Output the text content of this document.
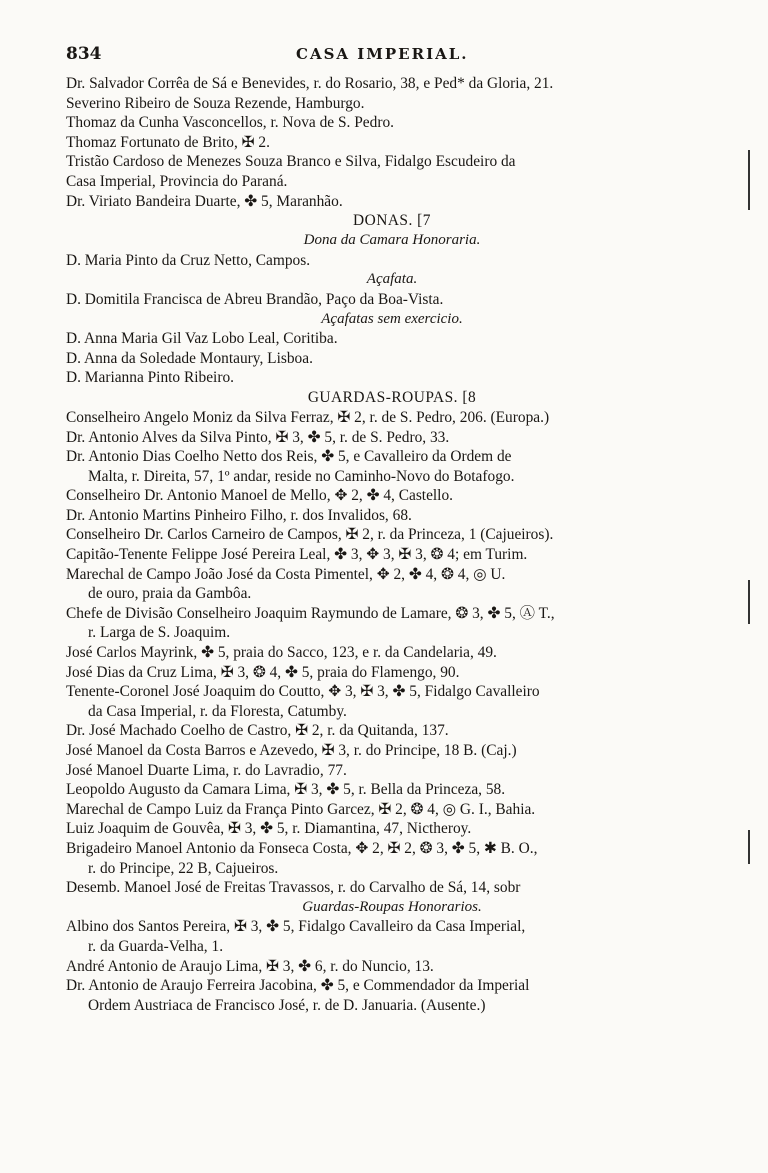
834	CASA IMPERIAL.
Dr. Salvador Corrêa de Sá e Benevides, r. do Rosario, 38, e Ped* da Gloria, 21.
Severino Ribeiro de Souza Rezende, Hamburgo.
Thomaz da Cunha Vasconcellos, r. Nova de S. Pedro.
Thomaz Fortunato de Brito, ✠ 2.
Tristão Cardoso de Menezes Souza Branco e Silva, Fidalgo Escudeiro da
Casa Imperial, Provincia do Paraná.
Dr. Viriato Bandeira Duarte, ✤ 5, Maranhão.
DONAS. [7
Dona da Camara Honoraria.
D. Maria Pinto da Cruz Netto, Campos.
Açafata.
D. Domitila Francisca de Abreu Brandão, Paço da Boa-Vista.
Açafatas sem exercicio.
D. Anna Maria Gil Vaz Lobo Leal, Coritiba.
D. Anna da Soledade Montaury, Lisboa.
D. Marianna Pinto Ribeiro.
GUARDAS-ROUPAS. [8
Conselheiro Angelo Moniz da Silva Ferraz, ✠ 2, r. de S. Pedro, 206. (Europa.)
Dr. Antonio Alves da Silva Pinto, ✠ 3, ✤ 5, r. de S. Pedro, 33.
Dr. Antonio Dias Coelho Netto dos Reis, ✤ 5, e Cavalleiro da Ordem de
Malta, r. Direita, 57, 1º andar, reside no Caminho-Novo do Botafogo.
Conselheiro Dr. Antonio Manoel de Mello, ✥ 2, ✤ 4, Castello.
Dr. Antonio Martins Pinheiro Filho, r. dos Invalidos, 68.
Conselheiro Dr. Carlos Carneiro de Campos, ✠ 2, r. da Princeza, 1 (Cajueiros).
Capitão-Tenente Felippe José Pereira Leal, ✤ 3, ✥ 3, ✠ 3, ❂ 4; em Turim.
Marechal de Campo João José da Costa Pimentel, ✥ 2, ✤ 4, ❂ 4, ◎ U.
de ouro, praia da Gambôa.
Chefe de Divisão Conselheiro Joaquim Raymundo de Lamare, ❂ 3, ✤ 5, Ⓐ T.,
r. Larga de S. Joaquim.
José Carlos Mayrink, ✤ 5, praia do Sacco, 123, e r. da Candelaria, 49.
José Dias da Cruz Lima, ✠ 3, ❂ 4, ✤ 5, praia do Flamengo, 90.
Tenente-Coronel José Joaquim do Coutto, ✥ 3, ✠ 3, ✤ 5, Fidalgo Cavalleiro
da Casa Imperial, r. da Floresta, Catumby.
Dr. José Machado Coelho de Castro, ✠ 2, r. da Quitanda, 137.
José Manoel da Costa Barros e Azevedo, ✠ 3, r. do Principe, 18 B. (Caj.)
José Manoel Duarte Lima, r. do Lavradio, 77.
Leopoldo Augusto da Camara Lima, ✠ 3, ✤ 5, r. Bella da Princeza, 58.
Marechal de Campo Luiz da França Pinto Garcez, ✠ 2, ❂ 4, ◎ G. I., Bahia.
Luiz Joaquim de Gouvêa, ✠ 3, ✤ 5, r. Diamantina, 47, Nictheroy.
Brigadeiro Manoel Antonio da Fonseca Costa, ✥ 2, ✠ 2, ❂ 3, ✤ 5, ✱ B. O.,
r. do Principe, 22 B, Cajueiros.
Desemb. Manoel José de Freitas Travassos, r. do Carvalho de Sá, 14, sobr
Guardas-Roupas Honorarios.
Albino dos Santos Pereira, ✠ 3, ✤ 5, Fidalgo Cavalleiro da Casa Imperial,
r. da Guarda-Velha, 1.
André Antonio de Araujo Lima, ✠ 3, ✤ 6, r. do Nuncio, 13.
Dr. Antonio de Araujo Ferreira Jacobina, ✤ 5, e Commendador da Imperial
Ordem Austriaca de Francisco José, r. de D. Januaria. (Ausente.)
